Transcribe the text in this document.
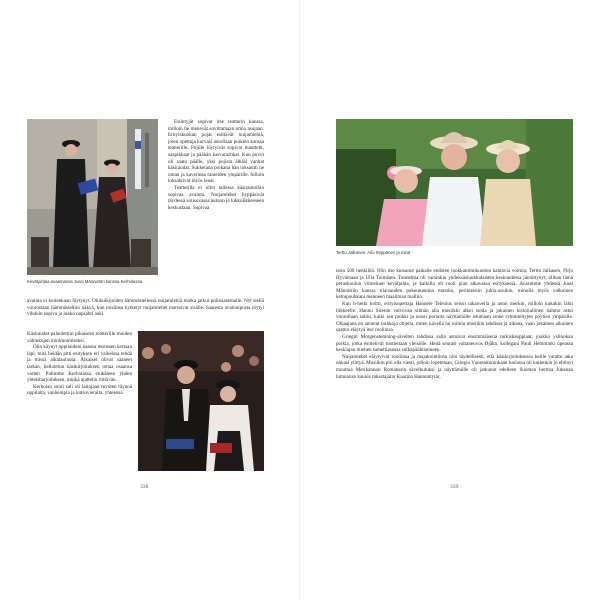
Kevätjuhlaa avaamassa Jussi Männistön kanssa Kerholassa

Esiintyjät sopivat itse teatterin kanssa, milloin he menevät sovittamaan omia asujaan. Erityiskuokan pojat esittävät nuijamiehiä, joten opettaja kurvasi autollaan poikien kanssa teatterille. Pojille löytyivät sopivat manttelit, saapikkaat ja päähän karvarazhkat. Kun puvut oli saatu päälle, yksi pojista älkäsi vanhat käsiraudat. Sukkelana poikana hän loksautti ne oman ja kaverinsa ranteiden ympärille. Silloin loksahtivat myös leuat.

Teatterilla ei ollut tallessa käsirautoihin sopivaa avainta. Nuijamiehet hyppäsivät täydessä sotisovassa autoon ja lukkolikkeeseen keskustaan. Sopivaa

avainta ei kuitenkaan löytynyt. Ohikulkijoiden hämmästellessä nuijamiehiä matka jatkui poliisiasemalle. Nyt siellä vuorostaan hämmästeltiin näkyä, kun toisiinsa kytketyt nuijamiehet marssivat sisälle. Saaresta avainnipusta löytyi vihdoin sopiva ja lukko napsahti auki.

Käsiraudat palautettiin pikaisesti teatterille muiden vahinkojen minimoimiseksi.

Olin käynyt oppilaideni kanssa monesen kertaan läpi, mitä heidän pitti esityksen eri vaiheissa tehdä ja missä aikataulussa. Aikaiset olivat saaneet tarkan, kellotetun käsikirjoituksen omaa osaansa varten. Pidimme Kerholassa etukäteen yhden yhteisharjoituksen, minkä ajattelin riittävän.

Kerholan suuri sali oli laitojaan myöten täynnä oppilaita, vanhempia ja kutsuvieraita, yhteensä

338

Terttu Jalkanen, Ailo Seppänen ja minä

noin 500 henkilöä. Olin itse kutsunut paikalle entisten luokkatoimikuntien kantavia voimia; Terttu Jalkasen, Pirjo Hyvämaan ja Ulla Toimisen. Tunnelma oli varsinkin yhdeksäsluokkalaisten keskuudessa jännittynyt, olihan tämä peruskoulun viimeinen kevätjuhla, ja kaikilla oli rooli pian alkavassa esityksessä. Avasimme yhdessä Jussi Männistön kanssa tilaisuuden pukeutuneina mustiin, perinteisiin juhla-asuihin, minulla myös valkoinen kettupuuhkani menneen maailman malliin.

Kun h-hetki koitti, erityisopettaja Hannele Telenius seisoi takaovella ja antoi merkin, milloin kukakin lähti liikkeelle. Hannu Sirenin valvovan silmän alla musiikki alkoi soida ja jokainen historiallinen hahmo astui vuorollaan saliin, kulki sen poikki ja nousi portaita näyttämölle istumaan sinne ryhmiteltyjen pöytien ympärille. Ohjaajana en antanut tarkkoja ohjeita, miten kävellä tai toimia musiikin tahdissa ja aikana, vaan jokainen aikuinen saattoi eläytyä itse rooliinsa.

Griegin Morgenstemning-sävelten tahdissa salin astuivat ensimmäisenä turkiskauppiaat, joukko yslinokan poikia, jotka esittelivät tuotteitaan yleisölle. Heitä seurasi valtaneuvos Djäkn, kollegani Pauli Hemminki upeassa keskiajan miehen samettiasussa sulkapäähineineen.

Nuijamiehet eläytyivät rooliinsa ja majakointiinsa niin täydellisesti, että käsikirjoituksessa heille varattu aika uhkasi ylittyä. Musiikin piti olla viesti, jolloin lopetetaan, Griegin Vuorenkuninkaan luolassa oli kuitenkin jo ehtinyt muuttua Merikannon Romanssin sävelkuluksi ja näyttämölle oli jatkunut edelleen Suomen herttua Juhanan lumoavan kaunis rakastajatar Kaarina Hannuntytär,

339
